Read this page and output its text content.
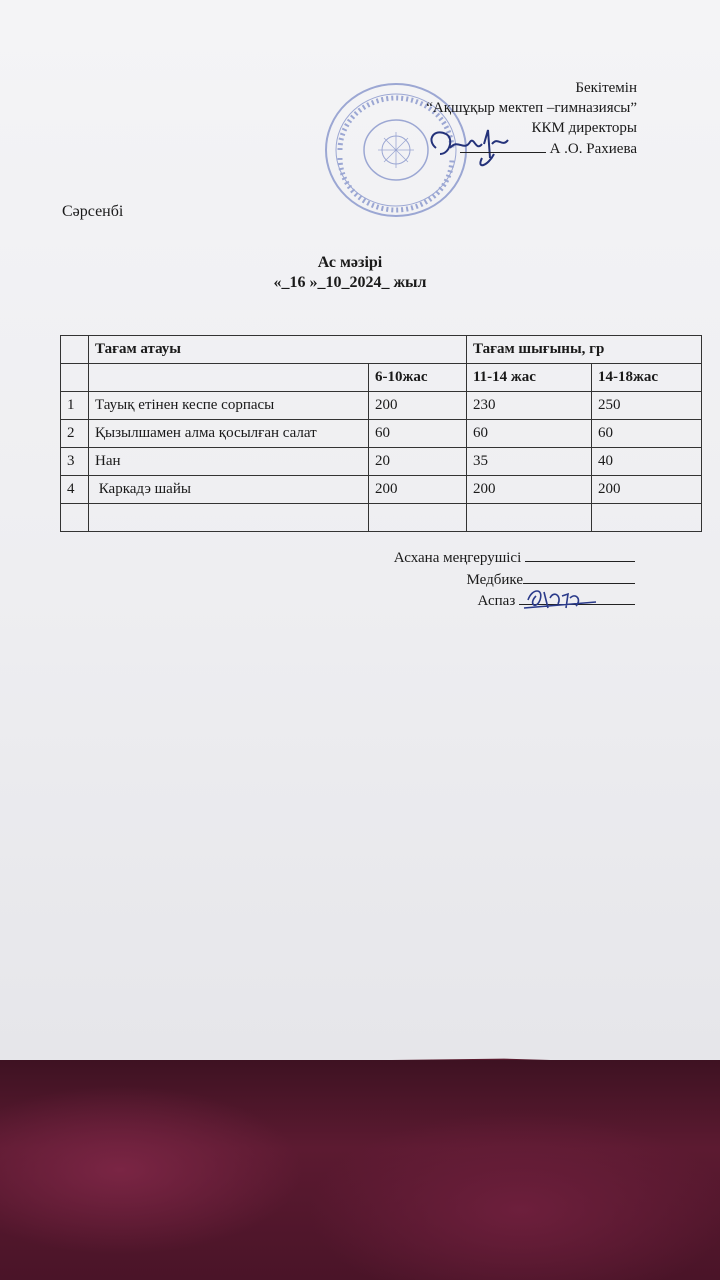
Бекітемін
“Ақшұқыр мектеп –гимназиясы”
ККМ директоры
А .О. Рахиева
Сәрсенбі
Ас мәзірі
«_16 »_10_2024_ жыл
	Тағам атауы		Тағам шығыны, гр	
		6-10жас	11-14 жас	14-18жас
1	Тауық етінен кеспе сорпасы	200	230	250
2	Қызылшамен алма қосылған салат	60	60	60
3	Нан	20	35	40
4	Каркадэ шайы	200	200	200

Асхана меңгерушісі
Медбике
Аспаз
